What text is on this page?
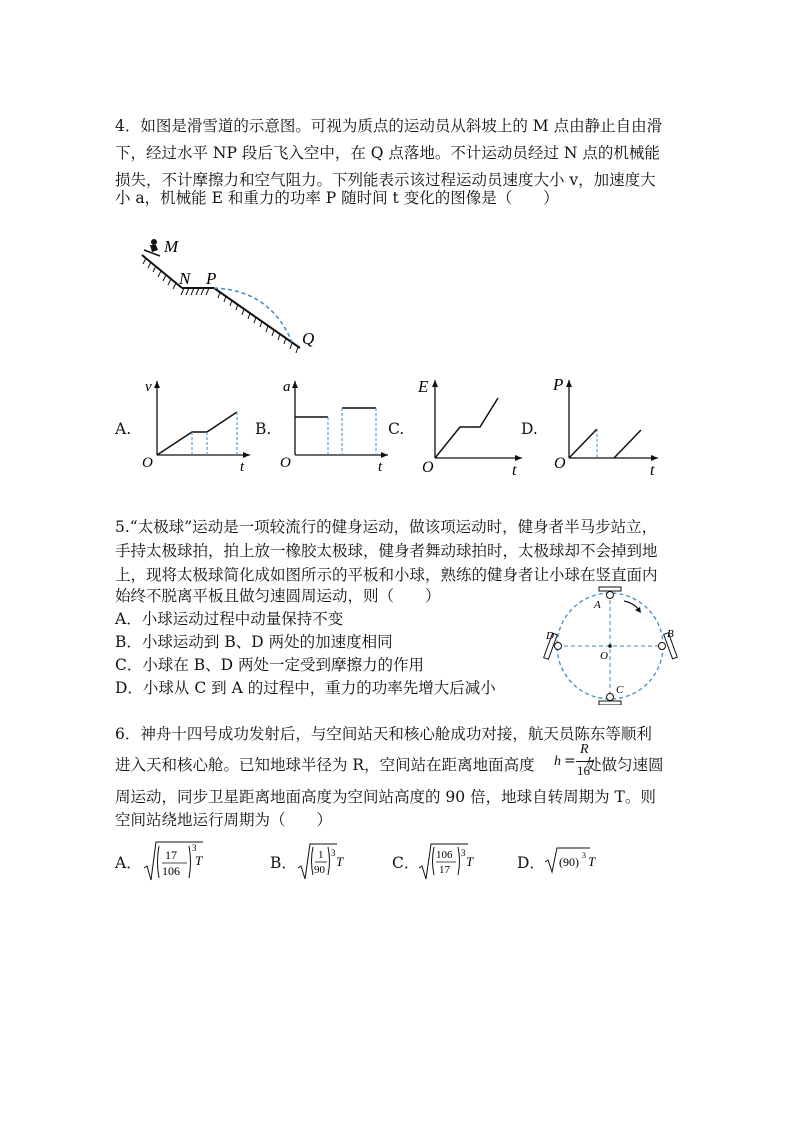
4．如图是滑雪道的示意图。可视为质点的运动员从斜坡上的 M 点由静止自由滑
下，经过水平 NP 段后飞入空中，在 Q 点落地。不计运动员经过 N 点的机械能
损失，不计摩擦力和空气阻力。下列能表示该过程运动员速度大小 v，加速度大
小 a，机械能 E 和重力的功率 P 随时间 t 变化的图像是（　　）
M
N P
Q
A.
v
t
O
B.
a
t
O
C.
E
t
O
D.
P
t
O
5.“太极球”运动是一项较流行的健身运动，做该项运动时，健身者半马步站立，
手持太极球拍，拍上放一橡胶太极球，健身者舞动球拍时，太极球却不会掉到地
上，现将太极球简化成如图所示的平板和小球，熟练的健身者让小球在竖直面内
始终不脱离平板且做匀速圆周运动，则（　　）
A．小球运动过程中动量保持不变
B．小球运动到 B、D 两处的加速度相同
C．小球在 B、D 两处一定受到摩擦力的作用
D．小球从 C 到 A 的过程中，重力的功率先增大后减小
A
B
C
D
O
6．神舟十四号成功发射后，与空间站天和核心舱成功对接，航天员陈东等顺利
进入天和核心舱。已知地球半径为 R，空间站在距离地面高度 h =
R
16
处做匀速圆
周运动，同步卫星距离地面高度为空间站高度的 90 倍，地球自转周期为 T。则
空间站绕地运行周期为（　　）
A． 17
106
3
T	B． 1
90
3
T	C． 106
17
3
T	D． (90) 3 T
